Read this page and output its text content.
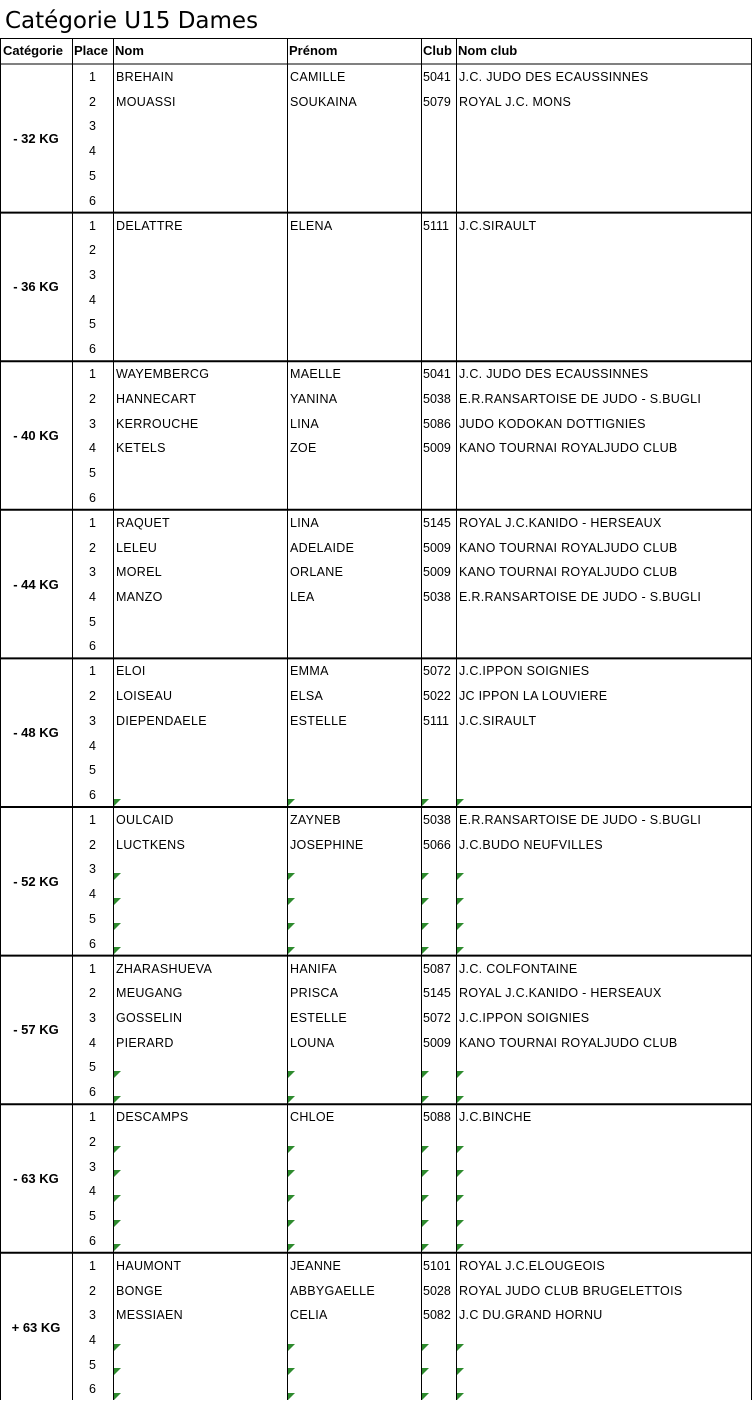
Catégorie U15 Dames
Catégorie Place Nom	Prénom	Club Nom club
- 32 KG
1	BREHAIN	CAMILLE	5041 J.C. JUDO DES ECAUSSINNES
2	MOUASSI	SOUKAINA	5079 ROYAL J.C. MONS
3
4
5
6
- 36 KG
1	DELATTRE	ELENA	5111 J.C.SIRAULT
2
3
4
5
6
- 40 KG
1	WAYEMBERCG	MAELLE	5041 J.C. JUDO DES ECAUSSINNES
2	HANNECART	YANINA	5038 E.R.RANSARTOISE DE JUDO - S.BUGLI
3	KERROUCHE	LINA	5086 JUDO KODOKAN DOTTIGNIES
4	KETELS	ZOE	5009 KANO TOURNAI ROYALJUDO CLUB
5
6
- 44 KG
1	RAQUET	LINA	5145 ROYAL J.C.KANIDO - HERSEAUX
2	LELEU	ADELAIDE	5009 KANO TOURNAI ROYALJUDO CLUB
3	MOREL	ORLANE	5009 KANO TOURNAI ROYALJUDO CLUB
4	MANZO	LEA	5038 E.R.RANSARTOISE DE JUDO - S.BUGLI
5
6
- 48 KG
1	ELOI	EMMA	5072 J.C.IPPON SOIGNIES
2	LOISEAU	ELSA	5022 JC IPPON LA LOUVIERE
3	DIEPENDAELE	ESTELLE	5111 J.C.SIRAULT
4
5
6
- 52 KG
1	OULCAID	ZAYNEB	5038 E.R.RANSARTOISE DE JUDO - S.BUGLI
2	LUCTKENS	JOSEPHINE	5066 J.C.BUDO NEUFVILLES
3
4
5
6
- 57 KG
1	ZHARASHUEVA	HANIFA	5087 J.C. COLFONTAINE
2	MEUGANG	PRISCA	5145 ROYAL J.C.KANIDO - HERSEAUX
3	GOSSELIN	ESTELLE	5072 J.C.IPPON SOIGNIES
4	PIERARD	LOUNA	5009 KANO TOURNAI ROYALJUDO CLUB
5
6
- 63 KG
1	DESCAMPS	CHLOE	5088 J.C.BINCHE
2
3
4
5
6
+ 63 KG
1	HAUMONT	JEANNE	5101 ROYAL J.C.ELOUGEOIS
2	BONGE	ABBYGAELLE	5028 ROYAL JUDO CLUB BRUGELETTOIS
3	MESSIAEN	CELIA	5082 J.C DU.GRAND HORNU
4
5
6
